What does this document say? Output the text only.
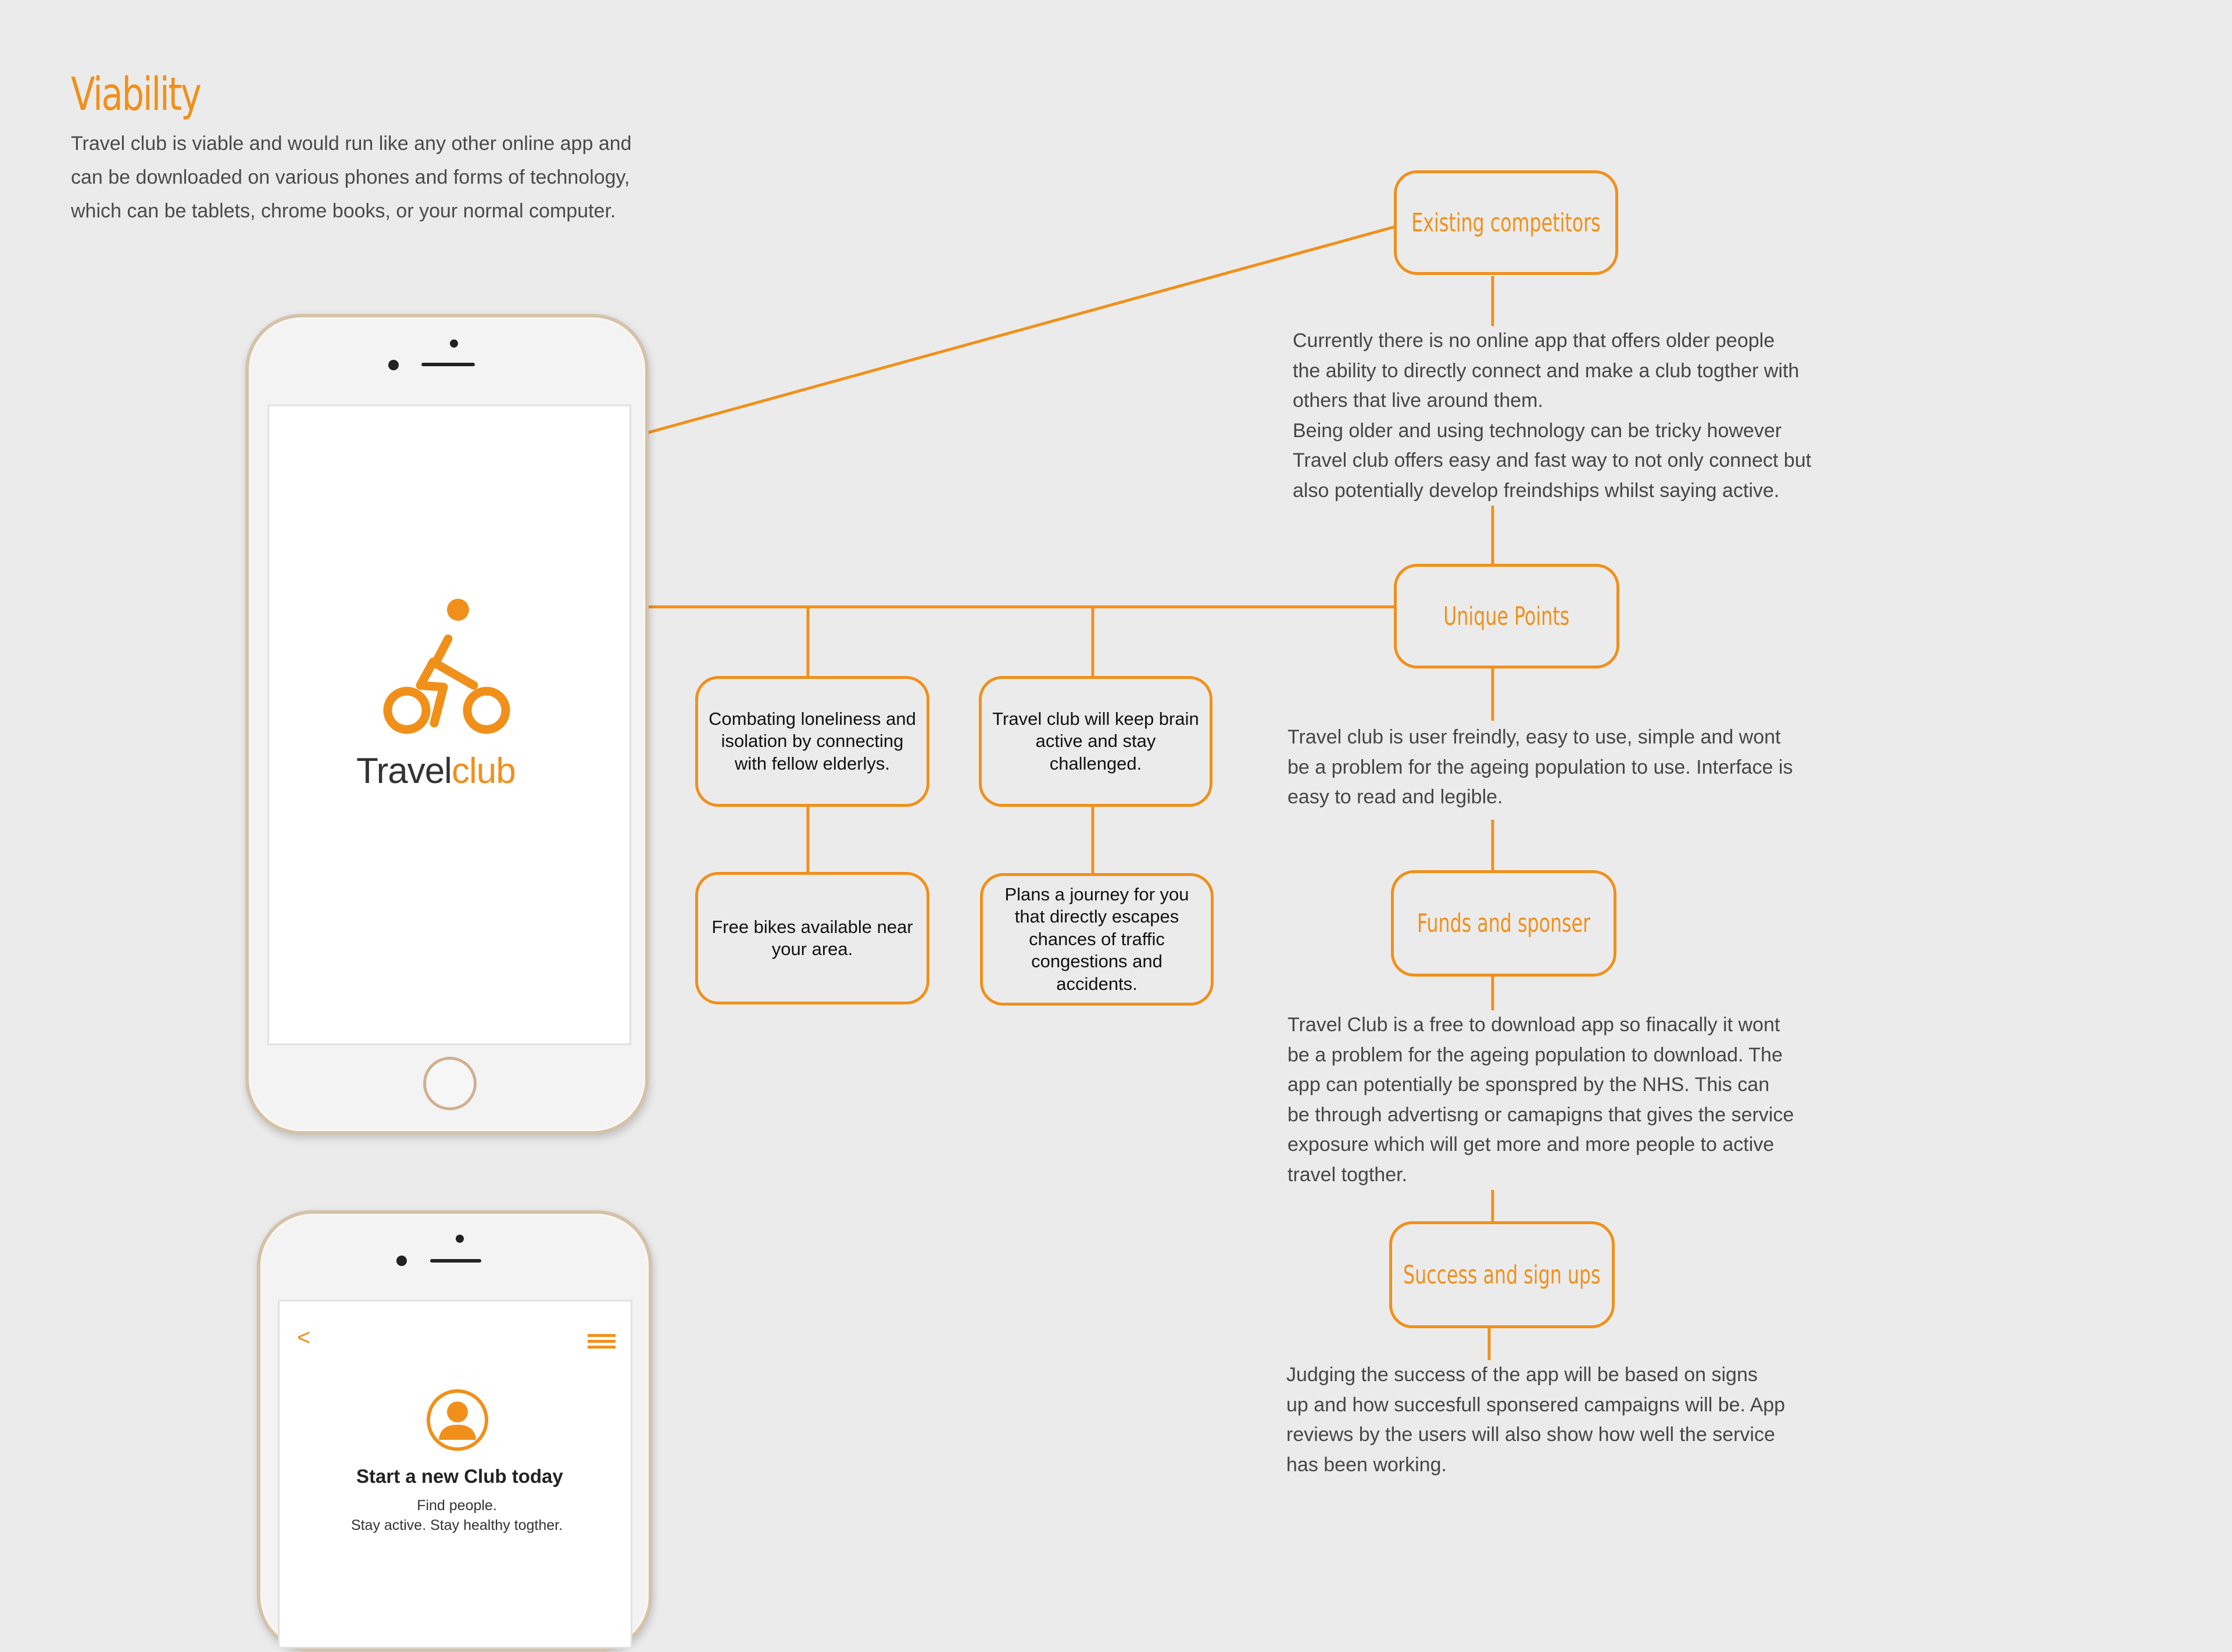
Viability
Travel club is viable and would run like any other online app and
can be downloaded on various phones and forms of technology,
which can be tablets, chrome books, or your normal computer.
Travelclub
<
Start a new Club today
Find people.
Stay active. Stay healthy togther.
Existing competitors
Unique Points
Funds and sponser
Success and sign ups
Currently there is no online app that offers older people
the ability to directly connect and make a club togther with
others that live around them.
Being older and using technology can be tricky however
Travel club offers easy and fast way to not only connect but
also potentially develop freindships whilst saying active.
Travel club is user freindly, easy to use, simple and wont
be a problem for the ageing population to use. Interface is
easy to read and legible.
Travel Club is a free to download app so finacally it wont
be a problem for the ageing population to download. The
app can potentially be sponspred by the NHS. This can
be through advertisng or camapigns that gives the service
exposure which will get more and more people to active
travel togther.
Judging the success of the app will be based on signs
up and how succesfull sponsered campaigns will be. App
reviews by the users will also show how well the service
has been working.
Combating loneliness and isolation by connecting with fellow elderlys.
Travel club will keep brain active and stay challenged.
Free bikes available near your area.
Plans a journey for you that directly escapes chances of traffic congestions and accidents.
